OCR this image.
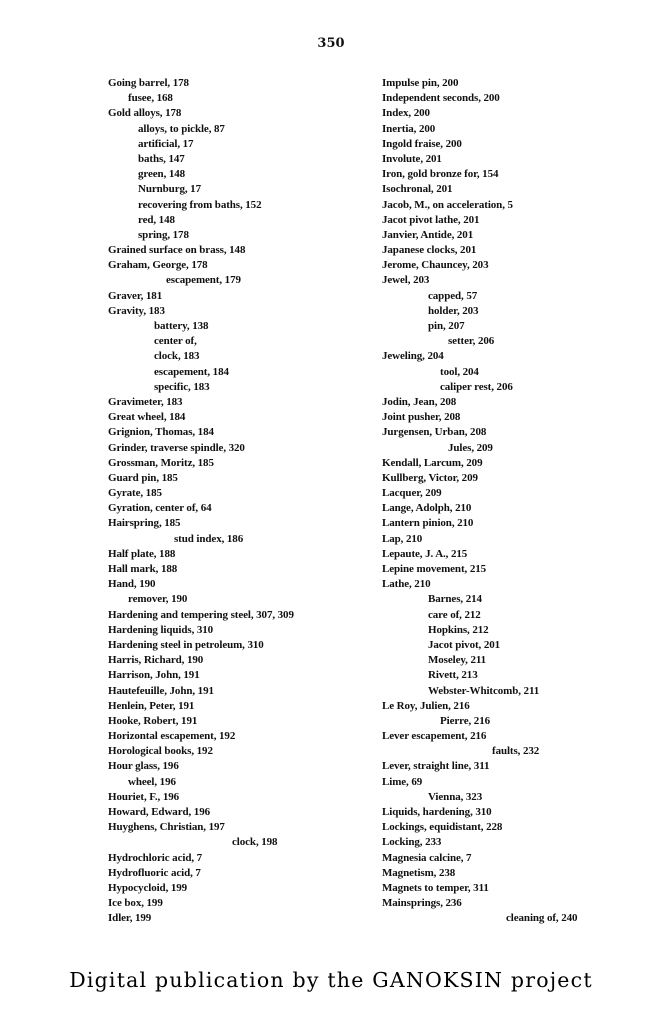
350
Going barrel, 178
fusee, 168
Gold alloys, 178
alloys, to pickle, 87
artificial, 17
baths, 147
green, 148
Nurnburg, 17
recovering from baths, 152
red, 148
spring, 178
Grained surface on brass, 148
Graham, George, 178
escapement, 179
Graver, 181
Gravity, 183
battery, 138
center of,
clock, 183
escapement, 184
specific, 183
Gravimeter, 183
Great wheel, 184
Grignion, Thomas, 184
Grinder, traverse spindle, 320
Grossman, Moritz, 185
Guard pin, 185
Gyrate, 185
Gyration, center of, 64
Hairspring, 185
stud index, 186
Half plate, 188
Hall mark, 188
Hand, 190
remover, 190
Hardening and tempering steel, 307, 309
Hardening liquids, 310
Hardening steel in petroleum, 310
Harris, Richard, 190
Harrison, John, 191
Hautefeuille, John, 191
Henlein, Peter, 191
Hooke, Robert, 191
Horizontal escapement, 192
Horological books, 192
Hour glass, 196
wheel, 196
Houriet, F., 196
Howard, Edward, 196
Huyghens, Christian, 197
clock, 198
Hydrochloric acid, 7
Hydrofluoric acid, 7
Hypocycloid, 199
Ice box, 199
Idler, 199
Impulse pin, 200
Independent seconds, 200
Index, 200
Inertia, 200
Ingold fraise, 200
Involute, 201
Iron, gold bronze for, 154
Isochronal, 201
Jacob, M., on acceleration, 5
Jacot pivot lathe, 201
Janvier, Antide, 201
Japanese clocks, 201
Jerome, Chauncey, 203
Jewel, 203
capped, 57
holder, 203
pin, 207
setter, 206
Jeweling, 204
tool, 204
caliper rest, 206
Jodin, Jean, 208
Joint pusher, 208
Jurgensen, Urban, 208
Jules, 209
Kendall, Larcum, 209
Kullberg, Victor, 209
Lacquer, 209
Lange, Adolph, 210
Lantern pinion, 210
Lap, 210
Lepaute, J. A., 215
Lepine movement, 215
Lathe, 210
Barnes, 214
care of, 212
Hopkins, 212
Jacot pivot, 201
Moseley, 211
Rivett, 213
Webster-Whitcomb, 211
Le Roy, Julien, 216
Pierre, 216
Lever escapement, 216
faults, 232
Lever, straight line, 311
Lime, 69
Vienna, 323
Liquids, hardening, 310
Lockings, equidistant, 228
Locking, 233
Magnesia calcine, 7
Magnetism, 238
Magnets to temper, 311
Mainsprings, 236
cleaning of, 240
Digital publication by the GANOKSIN project
